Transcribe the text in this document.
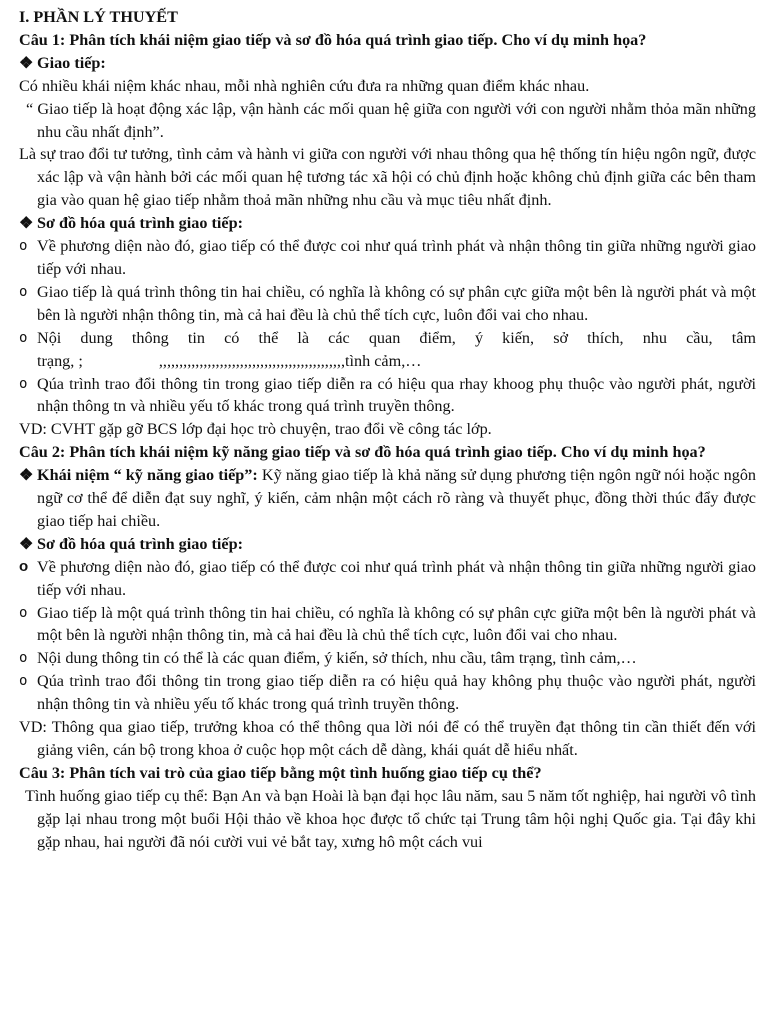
I. PHẦN LÝ THUYẾT

Câu 1: Phân tích khái niệm giao tiếp và sơ đồ hóa quá trình giao tiếp. Cho ví dụ minh họa?

❖ Giao tiếp:

Có nhiều khái niệm khác nhau, mỗi nhà nghiên cứu đưa ra những quan điểm khác nhau.

“ Giao tiếp là hoạt động xác lập, vận hành các mối quan hệ giữa con người với con người nhằm thỏa mãn những nhu cầu nhất định”.

Là sự trao đổi tư tưởng, tình cảm và hành vi giữa con người với nhau thông qua hệ thống tín hiệu ngôn ngữ, được xác lập và vận hành bởi các mối quan hệ tương tác xã hội có chủ định hoặc không chủ định giữa các bên tham gia vào quan hệ giao tiếp nhằm thoả mãn những nhu cầu và mục tiêu nhất định.

❖ Sơ đồ hóa quá trình giao tiếp:

o Về phương diện nào đó, giao tiếp có thể được coi như quá trình phát và nhận thông tin giữa những người giao tiếp với nhau.
o Giao tiếp là quá trình thông tin hai chiều, có nghĩa là không có sự phân cực giữa một bên là người phát và một bên là người nhận thông tin, mà cả hai đều là chủ thể tích cực, luôn đổi vai cho nhau.
o Nội dung thông tin có thể là các quan điểm, ý kiến, sở thích, nhu cầu, tâm
trạng, ;	,,,,,,,,,,,,,,,,,,,,,,,,,,,,,,,,,,,,,,,,,,,,,,tình cảm,…
o Qúa trình trao đổi thông tin trong giao tiếp diễn ra có hiệu qua rhay khoog phụ thuộc vào người phát, người nhận thông tn và nhiều yếu tố khác trong quá trình truyền thông.

VD: CVHT gặp gỡ BCS lớp đại học trò chuyện, trao đổi về công tác lớp.

Câu 2: Phân tích khái niệm kỹ năng giao tiếp và sơ đồ hóa quá trình giao tiếp. Cho ví dụ minh họa?

❖ Khái niệm “ kỹ năng giao tiếp”: Kỹ năng giao tiếp là khả năng sử dụng phương tiện ngôn ngữ nói hoặc ngôn ngữ cơ thể để diễn đạt suy nghĩ, ý kiến, cảm nhận một cách rõ ràng và thuyết phục, đồng thời thúc đẩy được giao tiếp hai chiều.

❖ Sơ đồ hóa quá trình giao tiếp:

o Về phương diện nào đó, giao tiếp có thể được coi như quá trình phát và nhận thông tin giữa những người giao tiếp với nhau.
o Giao tiếp là một quá trình thông tin hai chiều, có nghĩa là không có sự phân cực giữa một bên là người phát và một bên là người nhận thông tin, mà cả hai đều là chủ thể tích cực, luôn đổi vai cho nhau.
o Nội dung thông tin có thể là các quan điểm, ý kiến, sở thích, nhu cầu, tâm trạng, tình cảm,…
o Qúa trình trao đổi thông tin trong giao tiếp diễn ra có hiệu quả hay không phụ thuộc vào người phát, người nhận thông tin và nhiều yếu tố khác trong quá trình truyền thông.

VD: Thông qua giao tiếp, trưởng khoa có thể thông qua lời nói để có thể truyền đạt thông tin cần thiết đến với giảng viên, cán bộ trong khoa ở cuộc họp một cách dễ dàng, khái quát dễ hiểu nhất.

Câu 3: Phân tích vai trò của giao tiếp bằng một tình huống giao tiếp cụ thể?

Tình huống giao tiếp cụ thể: Bạn An và bạn Hoài là bạn đại học lâu năm, sau 5 năm tốt nghiệp, hai người vô tình gặp lại nhau trong một buổi Hội thảo về khoa học được tổ chức tại Trung tâm hội nghị Quốc gia. Tại đây khi gặp nhau, hai người đã nói cười vui vẻ bắt tay, xưng hô một cách vui
